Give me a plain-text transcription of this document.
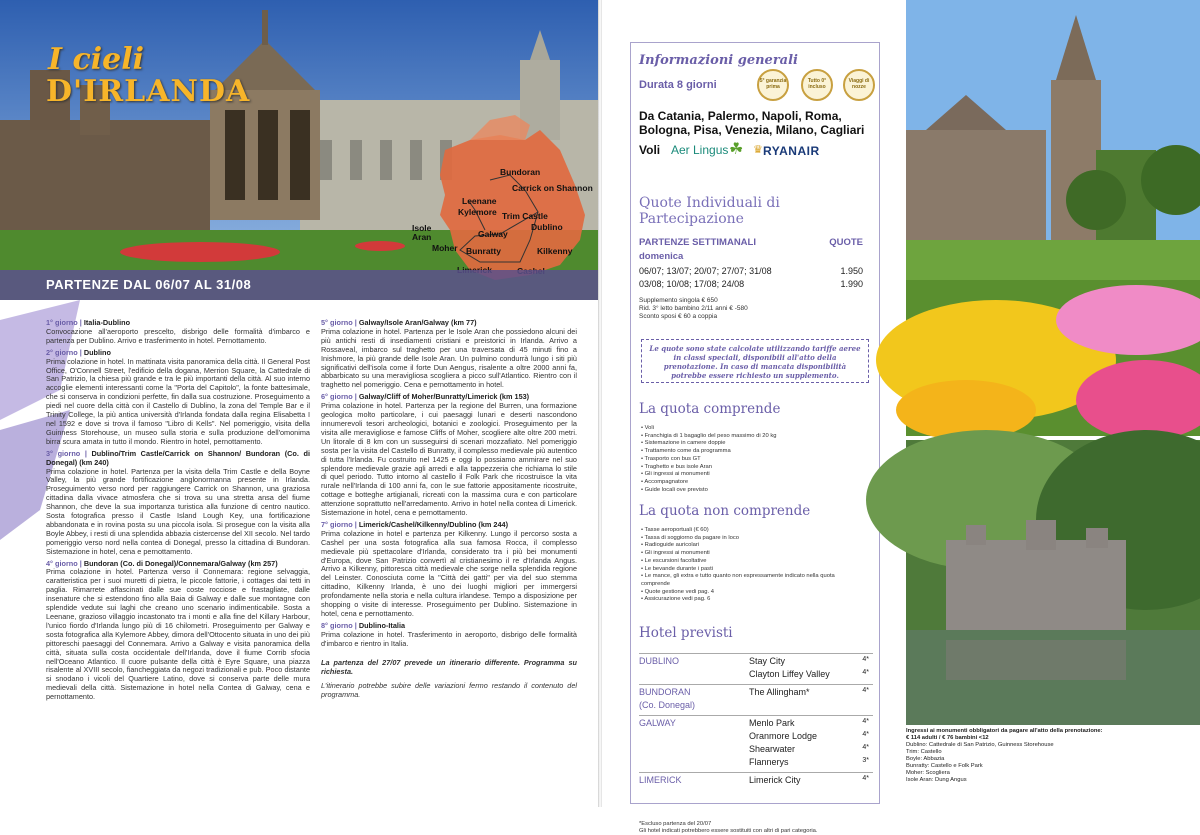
I cieli
D'IRLANDA
Bundoran
Carrick on Shannon
Leenane
Kylemore Trim Castle
Dublino
Isole Aran	Galway
Moher Bunratty	Kilkenny
PARTENZE DAL 06/07 AL 31/08
1° giorno | Italia-Dublino
Convocazione all'aeroporto prescelto, disbrigo delle formalità d'imbarco e partenza per Dublino. Arrivo e trasferimento in hotel. Pernottamento.
2° giorno | Dublino
Prima colazione in hotel. In mattinata visita panoramica della città. Il General Post Office, O'Connell Street, l'edificio della dogana, Merrion Square, la Cattedrale di San Patrizio, la chiesa più grande e tra le più importanti della città. Al suo interno accoglie elementi interessanti come la "Porta del Capitolo", la fonte battesimale, che si conserva in condizioni perfette, fin dalla sua costruzione. Proseguimento a piedi nel cuore della città con il Castello di Dublino, la zona del Temple Bar e il Trinity College, la più antica università d'Irlanda fondata dalla regina Elisabetta I nel 1592 e dove si trova il famoso "Libro di Kells". Nel pomeriggio, visita della Guinness Storehouse, un museo sulla storia e sulla produzione dell'omonima birra scura amata in tutto il mondo. Rientro in hotel, pernottamento.
3° giorno | Dublino/Trim Castle/Carrick on Shannon/ Bundoran (Co. di Donegal) (km 240)
Prima colazione in hotel. Partenza per la visita della Trim Castle e della Boyne Valley, la più grande fortificazione anglonormanna presente in Irlanda. Proseguimento verso nord per raggiungere Carrick on Shannon, una graziosa cittadina dalla vivace atmosfera che si trova su una stretta ansa del fiume Shannon, che deve la sua importanza turistica alla funzione di centro nautico. Sosta fotografica presso il Castle Island Lough Key, una fortificazione abbandonata e in rovina posta su una piccola isola. Si prosegue con la visita alla Boyle Abbey, i resti di una splendida abbazia cistercense del XII secolo. Nel tardo pomeriggio verso nord nella contea di Donegal, presso la cittadina di Bundoran. Sistemazione in hotel, cena e pernottamento.
4° giorno | Bundoran (Co. di Donegal)/Connemara/Galway (km 257)
Prima colazione in hotel. Partenza verso il Connemara: regione selvaggia, caratteristica per i suoi muretti di pietra, le piccole fattorie, i cottages dai tetti in paglia. Rimarrete affascinati dalle sue coste rocciose e frastagliate, dalle insenature che si estendono fino alla Baia di Galway e dalle sue montagne con splendide vedute sui laghi che creano uno scenario indimenticabile. Sosta a Leenane, grazioso villaggio incastonato tra i monti e alla fine del Killary Harbour, l'unico fiordo d'Irlanda lungo più di 16 chilometri. Proseguimento per Galway e sosta fotografica alla Kylemore Abbey, dimora dell'Ottocento situata in uno dei più pittoreschi paesaggi del Connemara. Arrivo a Galway e visita panoramica della città, situata sulla costa occidentale dell'Irlanda, dove il fiume Corrib sfocia nell'Oceano Atlantico. Il cuore pulsante della città è Eyre Square, una piazza risalente al XVIII secolo, fiancheggiata da negozi tradizionali e pub. Poco distante si snodano i vicoli del Quartiere Latino, dove si conserva parte delle mura medievali della città. Sistemazione in hotel nella Contea di Galway, cena e pernottamento.
5° giorno | Galway/Isole Aran/Galway (km 77)
Prima colazione in hotel. Partenza per le Isole Aran che possiedono alcuni dei più antichi resti di insediamenti cristiani e preistorici in Irlanda. Arrivo a Rossaveal, imbarco sul traghetto per una traversata di 45 minuti fino a Inishmore, la più grande delle Isole Aran. Un pulmino condurrà lungo i siti più significativi dell'isola come il forte Dun Aengus, risalente a oltre 2000 anni fa, abbarbicato su una meravigliosa scogliera a picco sull'Atlantico. Rientro con il traghetto nel pomeriggio. Cena e pernottamento in hotel.
6° giorno | Galway/Cliff of Moher/Bunratty/Limerick (km 153)
Prima colazione in hotel. Partenza per la regione del Burren, una formazione geologica molto particolare, i cui paesaggi lunari e deserti nascondono innumerevoli tesori archeologici, botanici e zoologici. Proseguimento per la visita alle meravigliose e famose Cliffs of Moher, scogliere alte oltre 200 metri. Un litorale di 8 km con un susseguirsi di scenari mozzafiato. Nel pomeriggio sosta per la visita del Castello di Bunratty, il complesso medievale più autentico di tutta l'Irlanda. Fu costruito nel 1425 e oggi lo possiamo ammirare nel suo splendore medievale grazie agli arredi e alla tappezzeria che richiama lo stile di quel periodo. Tutto intorno al castello il Folk Park che ricostruisce la vita rurale nell'Irlanda di 100 anni fa, con le sue fattorie appositamente ricostruite, cottage e botteghe artigianali, ricreati con la massima cura e con particolare attenzione soprattutto nell'arredamento. Arrivo in hotel nella contea di Limerick. Sistemazione in hotel, cena e pernottamento.
7° giorno | Limerick/Cashel/Kilkenny/Dublino (km 244)
Prima colazione in hotel e partenza per Kilkenny. Lungo il percorso sosta a Cashel per una sosta fotografica alla sua famosa Rocca, il complesso medievale più spettacolare d'Irlanda, considerato tra i più bei monumenti d'Europa, dove San Patrizio convertì al cristianesimo il re d'Irlanda Angus. Arrivo a Kilkenny, pittoresca città medievale che sorge nella splendida regione del Leinster. Conosciuta come la "Città dei gatti" per via del suo stemma cittadino, Kilkenny Irlanda, è uno dei luoghi migliori per immergersi profondamente nella storia e nella cultura irlandese. Tempo a disposizione per shopping o visite di interesse. Proseguimento per Dublino. Sistemazione in hotel, cena e pernottamento.
8° giorno | Dublino-Italia
Prima colazione in hotel. Trasferimento in aeroporto, disbrigo delle formalità d'imbarco e rientro in Italia.
La partenza del 27/07 prevede un itinerario differente. Programma su richiesta.
L'itinerario potrebbe subire delle variazioni fermo restando il contenuto del programma.
Informazioni generali
Durata 8 giorni	5° garanzia prima
Tutto 0° incluso
Viaggi di nozze
Da Catania, Palermo, Napoli, Roma, Bologna, Pisa, Venezia, Milano, Cagliari
Voli Aer Lingus ☘ ♛ RYANAIR
Quote Individuali di Partecipazione
PARTENZE SETTIMANALI	QUOTE
domenica
06/07; 13/07; 20/07; 27/07; 31/08	1.950
03/08; 10/08; 17/08; 24/08	1.990
Supplemento singola € 650
Rid. 3° letto bambino 2/11 anni € -580
Sconto sposi € 60 a coppia
Le quote sono state calcolate utilizzando tariffe aeree in classi speciali, disponibili all'atto della prenotazione. In caso di mancata disponibilità potrebbe essere richiesto un supplemento.
La quota comprende
• Voli
• Franchigia di 1 bagaglio del peso massimo di 20 kg
• Sistemazione in camere doppie
• Trattamento come da programma
• Trasporto con bus GT
• Traghetto e bus isole Aran
• Gli ingressi ai monumenti
• Accompagnatore
• Guide locali ove previsto
La quota non comprende
• Tasse aeroportuali (€ 60)
• Tassa di soggiorno da pagare in loco
• Radioguide auricolari
• Gli ingressi ai monumenti
• Le escursioni facoltative
• Le bevande durante i pasti
• Le mance, gli extra e tutto quanto non espressamente indicato nella quota comprende
• Quote gestione vedi pag. 4
• Assicurazione vedi pag. 6
Hotel previsti
DUBLINO	Stay City	4*
Clayton Liffey Valley	4*
BUNDORAN	The Allingham*	4*
(Co. Donegal)
GALWAY	Menlo Park	4*
Oranmore Lodge	4*
Shearwater	4*
Flannerys	3*
LIMERICK	Limerick City	4*
*Escluso partenza del 20/07
Gli hotel indicati potrebbero essere sostituiti con altri di pari categoria.
Ingressi ai monumenti obbligatori da pagare all'atto della prenotazione:
€ 114 adulti / € 76 bambini <12
Dublino: Cattedrale di San Patrizio, Guinness Storehouse
Trim: Castello
Boyle: Abbazia
Bunratty: Castello e Folk Park
Moher: Scogliera
Isole Aran: Dung Angus
